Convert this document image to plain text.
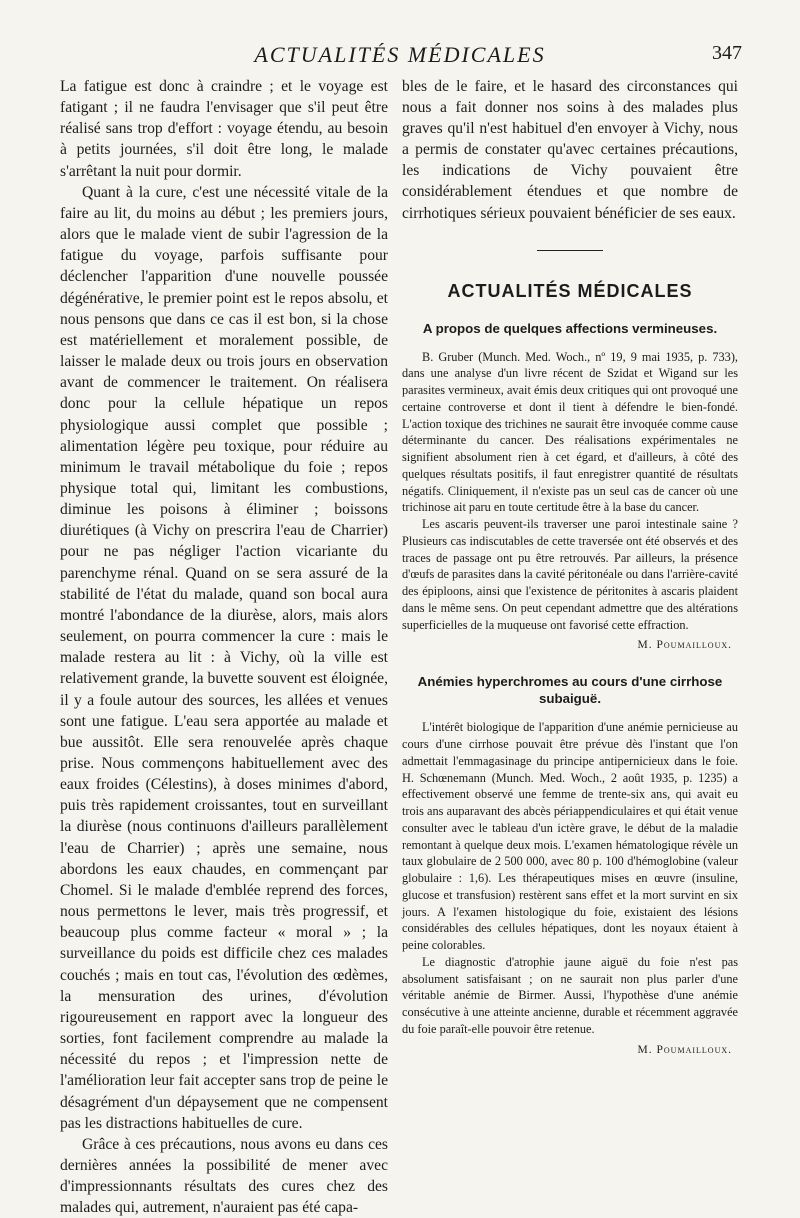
ACTUALITÉS MÉDICALES	347

La fatigue est donc à craindre ; et le voyage est fatigant ; il ne faudra l'envisager que s'il peut être réalisé sans trop d'effort : voyage étendu, au besoin à petits journées, s'il doit être long, le malade s'arrêtant la nuit pour dormir.

Quant à la cure, c'est une nécessité vitale de la faire au lit, du moins au début ; les premiers jours, alors que le malade vient de subir l'agression de la fatigue du voyage, parfois suffisante pour déclencher l'apparition d'une nouvelle poussée dégénérative, le premier point est le repos absolu, et nous pensons que dans ce cas il est bon, si la chose est matériellement et moralement possible, de laisser le malade deux ou trois jours en observation avant de commencer le traitement. On réalisera donc pour la cellule hépatique un repos physiologique aussi complet que possible ; alimentation légère peu toxique, pour réduire au minimum le travail métabolique du foie ; repos physique total qui, limitant les combustions, diminue les poisons à éliminer ; boissons diurétiques (à Vichy on prescrira l'eau de Charrier) pour ne pas négliger l'action vicariante du parenchyme rénal. Quand on se sera assuré de la stabilité de l'état du malade, quand son bocal aura montré l'abondance de la diurèse, alors, mais alors seulement, on pourra commencer la cure : mais le malade restera au lit : à Vichy, où la ville est relativement grande, la buvette souvent est éloignée, il y a foule autour des sources, les allées et venues sont une fatigue. L'eau sera apportée au malade et bue aussitôt. Elle sera renouvelée après chaque prise. Nous commençons habituellement avec des eaux froides (Célestins), à doses minimes d'abord, puis très rapidement croissantes, tout en surveillant la diurèse (nous continuons d'ailleurs parallèlement l'eau de Charrier) ; après une semaine, nous abordons les eaux chaudes, en commençant par Chomel. Si le malade d'emblée reprend des forces, nous permettons le lever, mais très progressif, et beaucoup plus comme facteur « moral » ; la surveillance du poids est difficile chez ces malades couchés ; mais en tout cas, l'évolution des œdèmes, la mensuration des urines, d'évolution rigoureusement en rapport avec la longueur des sorties, font facilement comprendre au malade la nécessité du repos ; et l'impression nette de l'amélioration leur fait accepter sans trop de peine le désagrément d'un dépaysement que ne compensent pas les distractions habituelles de cure.

Grâce à ces précautions, nous avons eu dans ces dernières années la possibilité de mener avec d'impressionnants résultats des cures chez des malades qui, autrement, n'auraient pas été capa-

bles de le faire, et le hasard des circonstances qui nous a fait donner nos soins à des malades plus graves qu'il n'est habituel d'en envoyer à Vichy, nous a permis de constater qu'avec certaines précautions, les indications de Vichy pouvaient être considérablement étendues et que nombre de cirrhotiques sérieux pouvaient bénéficier de ses eaux.

ACTUALITÉS MÉDICALES
A propos de quelques affections vermineuses.

B. Gruber (Munch. Med. Woch., nº 19, 9 mai 1935, p. 733), dans une analyse d'un livre récent de Szidat et Wigand sur les parasites vermineux, avait émis deux critiques qui ont provoqué une certaine controverse et dont il tient à défendre le bien-fondé. L'action toxique des trichines ne saurait être invoquée comme cause déterminante du cancer. Des réalisations expérimentales ne signifient absolument rien à cet égard, et d'ailleurs, à côté des quelques résultats positifs, il faut enregistrer quantité de résultats négatifs. Cliniquement, il n'existe pas un seul cas de cancer où une trichinose ait paru en toute certitude être à la base du cancer.

Les ascaris peuvent-ils traverser une paroi intestinale saine ? Plusieurs cas indiscutables de cette traversée ont été observés et des traces de passage ont pu être retrouvés. Par ailleurs, la présence d'œufs de parasites dans la cavité péritonéale ou dans l'arrière-cavité des épiploons, ainsi que l'existence de péritonites à ascaris plaident dans le même sens. On peut cependant admettre que des altérations superficielles de la muqueuse ont favorisé cette effraction.

M. Poumailloux.
Anémies hyperchromes au cours d'une cirrhose subaiguë.

L'intérêt biologique de l'apparition d'une anémie pernicieuse au cours d'une cirrhose pouvait être prévue dès l'instant que l'on admettait l'emmagasinage du principe antipernicieux dans le foie. H. Schœnemann (Munch. Med. Woch., 2 août 1935, p. 1235) a effectivement observé une femme de trente-six ans, qui avait eu trois ans auparavant des abcès périappendiculaires et qui était venue consulter avec le tableau d'un ictère grave, le début de la maladie remontant à quelque deux mois. L'examen hématologique révèle un taux globulaire de 2 500 000, avec 80 p. 100 d'hémoglobine (valeur globulaire : 1,6). Les thérapeutiques mises en œuvre (insuline, glucose et transfusion) restèrent sans effet et la mort survint en six jours. A l'examen histologique du foie, existaient des lésions considérables des cellules hépatiques, dont les noyaux étaient à peine colorables.

Le diagnostic d'atrophie jaune aiguë du foie n'est pas absolument satisfaisant ; on ne saurait non plus parler d'une véritable anémie de Birmer. Aussi, l'hypothèse d'une anémie consécutive à une atteinte ancienne, durable et récemment aggravée du foie paraît-elle pouvoir être retenue.

M. Poumailloux.
